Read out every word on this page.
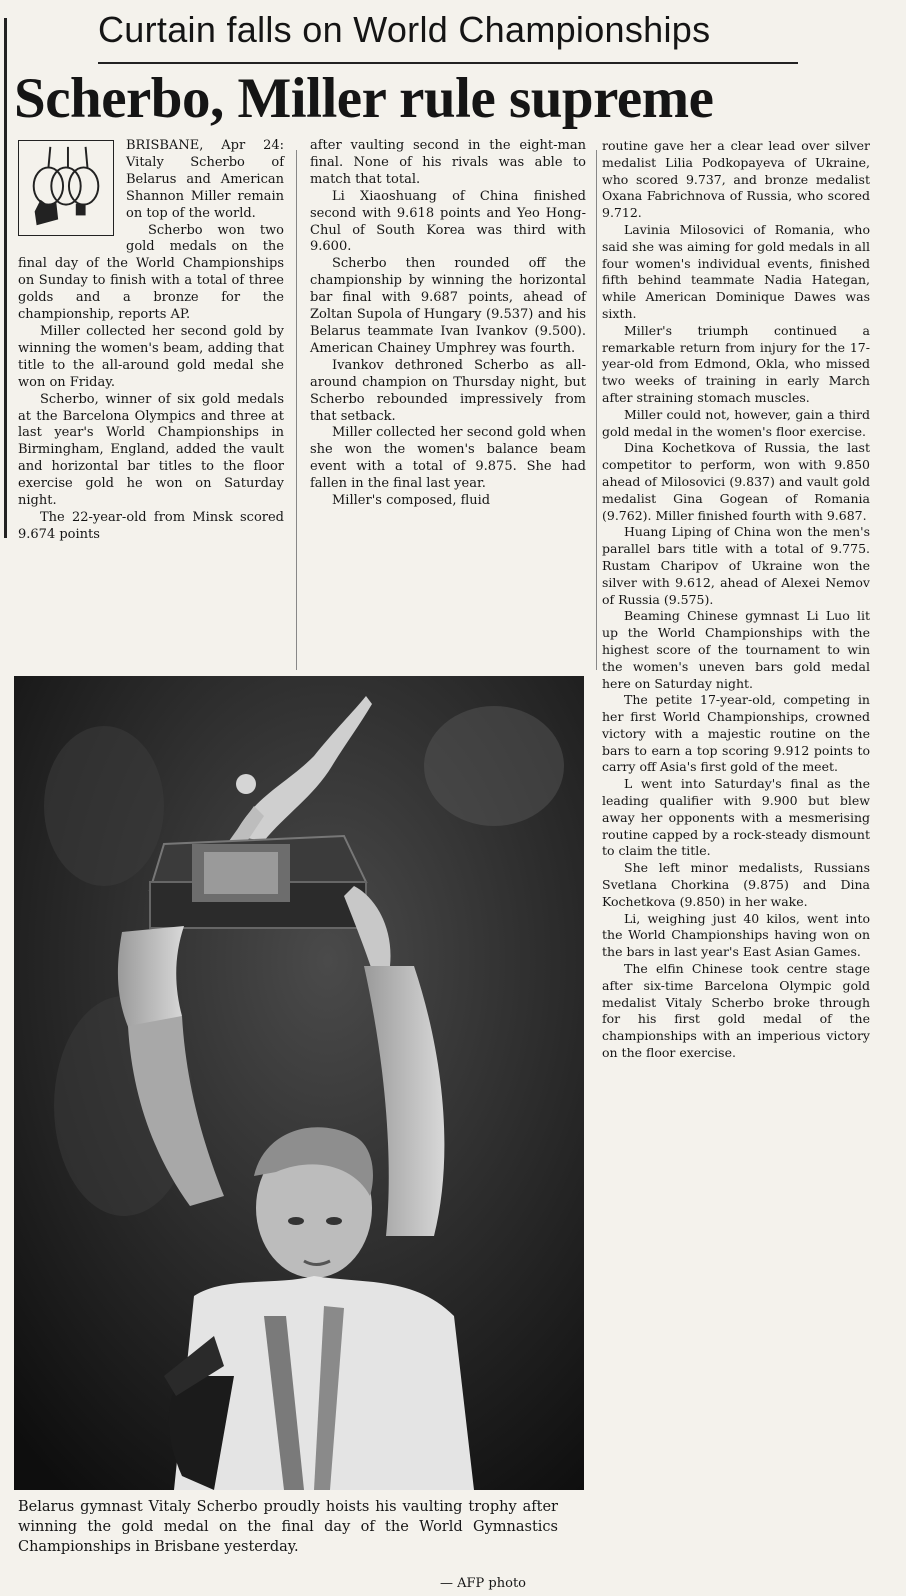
Curtain falls on World Championships
Scherbo, Miller rule supreme

BRISBANE, Apr 24: Vitaly Scherbo of Belarus and American Shannon Miller remain on top of the world.

Scherbo won two gold medals on the final day of the World Championships on Sunday to finish with a total of three golds and a bronze for the championship, reports AP.

Miller collected her second gold by winning the women's beam, adding that title to the all-around gold medal she won on Friday.

Scherbo, winner of six gold medals at the Barcelona Olympics and three at last year's World Championships in Birmingham, England, added the vault and horizontal bar titles to the floor exercise gold he won on Saturday night.

The 22-year-old from Minsk scored 9.674 points

after vaulting second in the eight-man final. None of his rivals was able to match that total.

Li Xiaoshuang of China finished second with 9.618 points and Yeo Hong-Chul of South Korea was third with 9.600.

Scherbo then rounded off the championship by winning the horizontal bar final with 9.687 points, ahead of Zoltan Supola of Hungary (9.537) and his Belarus teammate Ivan Ivankov (9.500). American Chainey Umphrey was fourth.

Ivankov dethroned Scherbo as all-around champion on Thursday night, but Scherbo rebounded impressively from that setback.

Miller collected her second gold when she won the women's balance beam event with a total of 9.875. She had fallen in the final last year.

Miller's composed, fluid

routine gave her a clear lead over silver medalist Lilia Podkopayeva of Ukraine, who scored 9.737, and bronze medalist Oxana Fabrichnova of Russia, who scored 9.712.

Lavinia Milosovici of Romania, who said she was aiming for gold medals in all four women's individual events, finished fifth behind teammate Nadia Hategan, while American Dominique Dawes was sixth.

Miller's triumph continued a remarkable return from injury for the 17-year-old from Edmond, Okla, who missed two weeks of training in early March after straining stomach muscles.

Miller could not, however, gain a third gold medal in the women's floor exercise.

Dina Kochetkova of Russia, the last competitor to perform, won with 9.850 ahead of Milosovici (9.837) and vault gold medalist Gina Gogean of Romania (9.762). Miller finished fourth with 9.687.

Huang Liping of China won the men's parallel bars title with a total of 9.775. Rustam Charipov of Ukraine won the silver with 9.612, ahead of Alexei Nemov of Russia (9.575).

Beaming Chinese gymnast Li Luo lit up the World Championships with the highest score of the tournament to win the women's uneven bars gold medal here on Saturday night.

The petite 17-year-old, competing in her first World Championships, crowned victory with a majestic routine on the bars to earn a top scoring 9.912 points to carry off Asia's first gold of the meet.

L went into Saturday's final as the leading qualifier with 9.900 but blew away her opponents with a mesmerising routine capped by a rock-steady dismount to claim the title.

She left minor medalists, Russians Svetlana Chorkina (9.875) and Dina Kochetkova (9.850) in her wake.

Li, weighing just 40 kilos, went into the World Championships having won on the bars in last year's East Asian Games.

The elfin Chinese took centre stage after six-time Barcelona Olympic gold medalist Vitaly Scherbo broke through for his first gold medal of the championships with an imperious victory on the floor exercise.

Belarus gymnast Vitaly Scherbo proudly hoists his vaulting trophy after winning the gold medal on the final day of the World Gymnastics Championships in Brisbane yesterday.
— AFP photo
